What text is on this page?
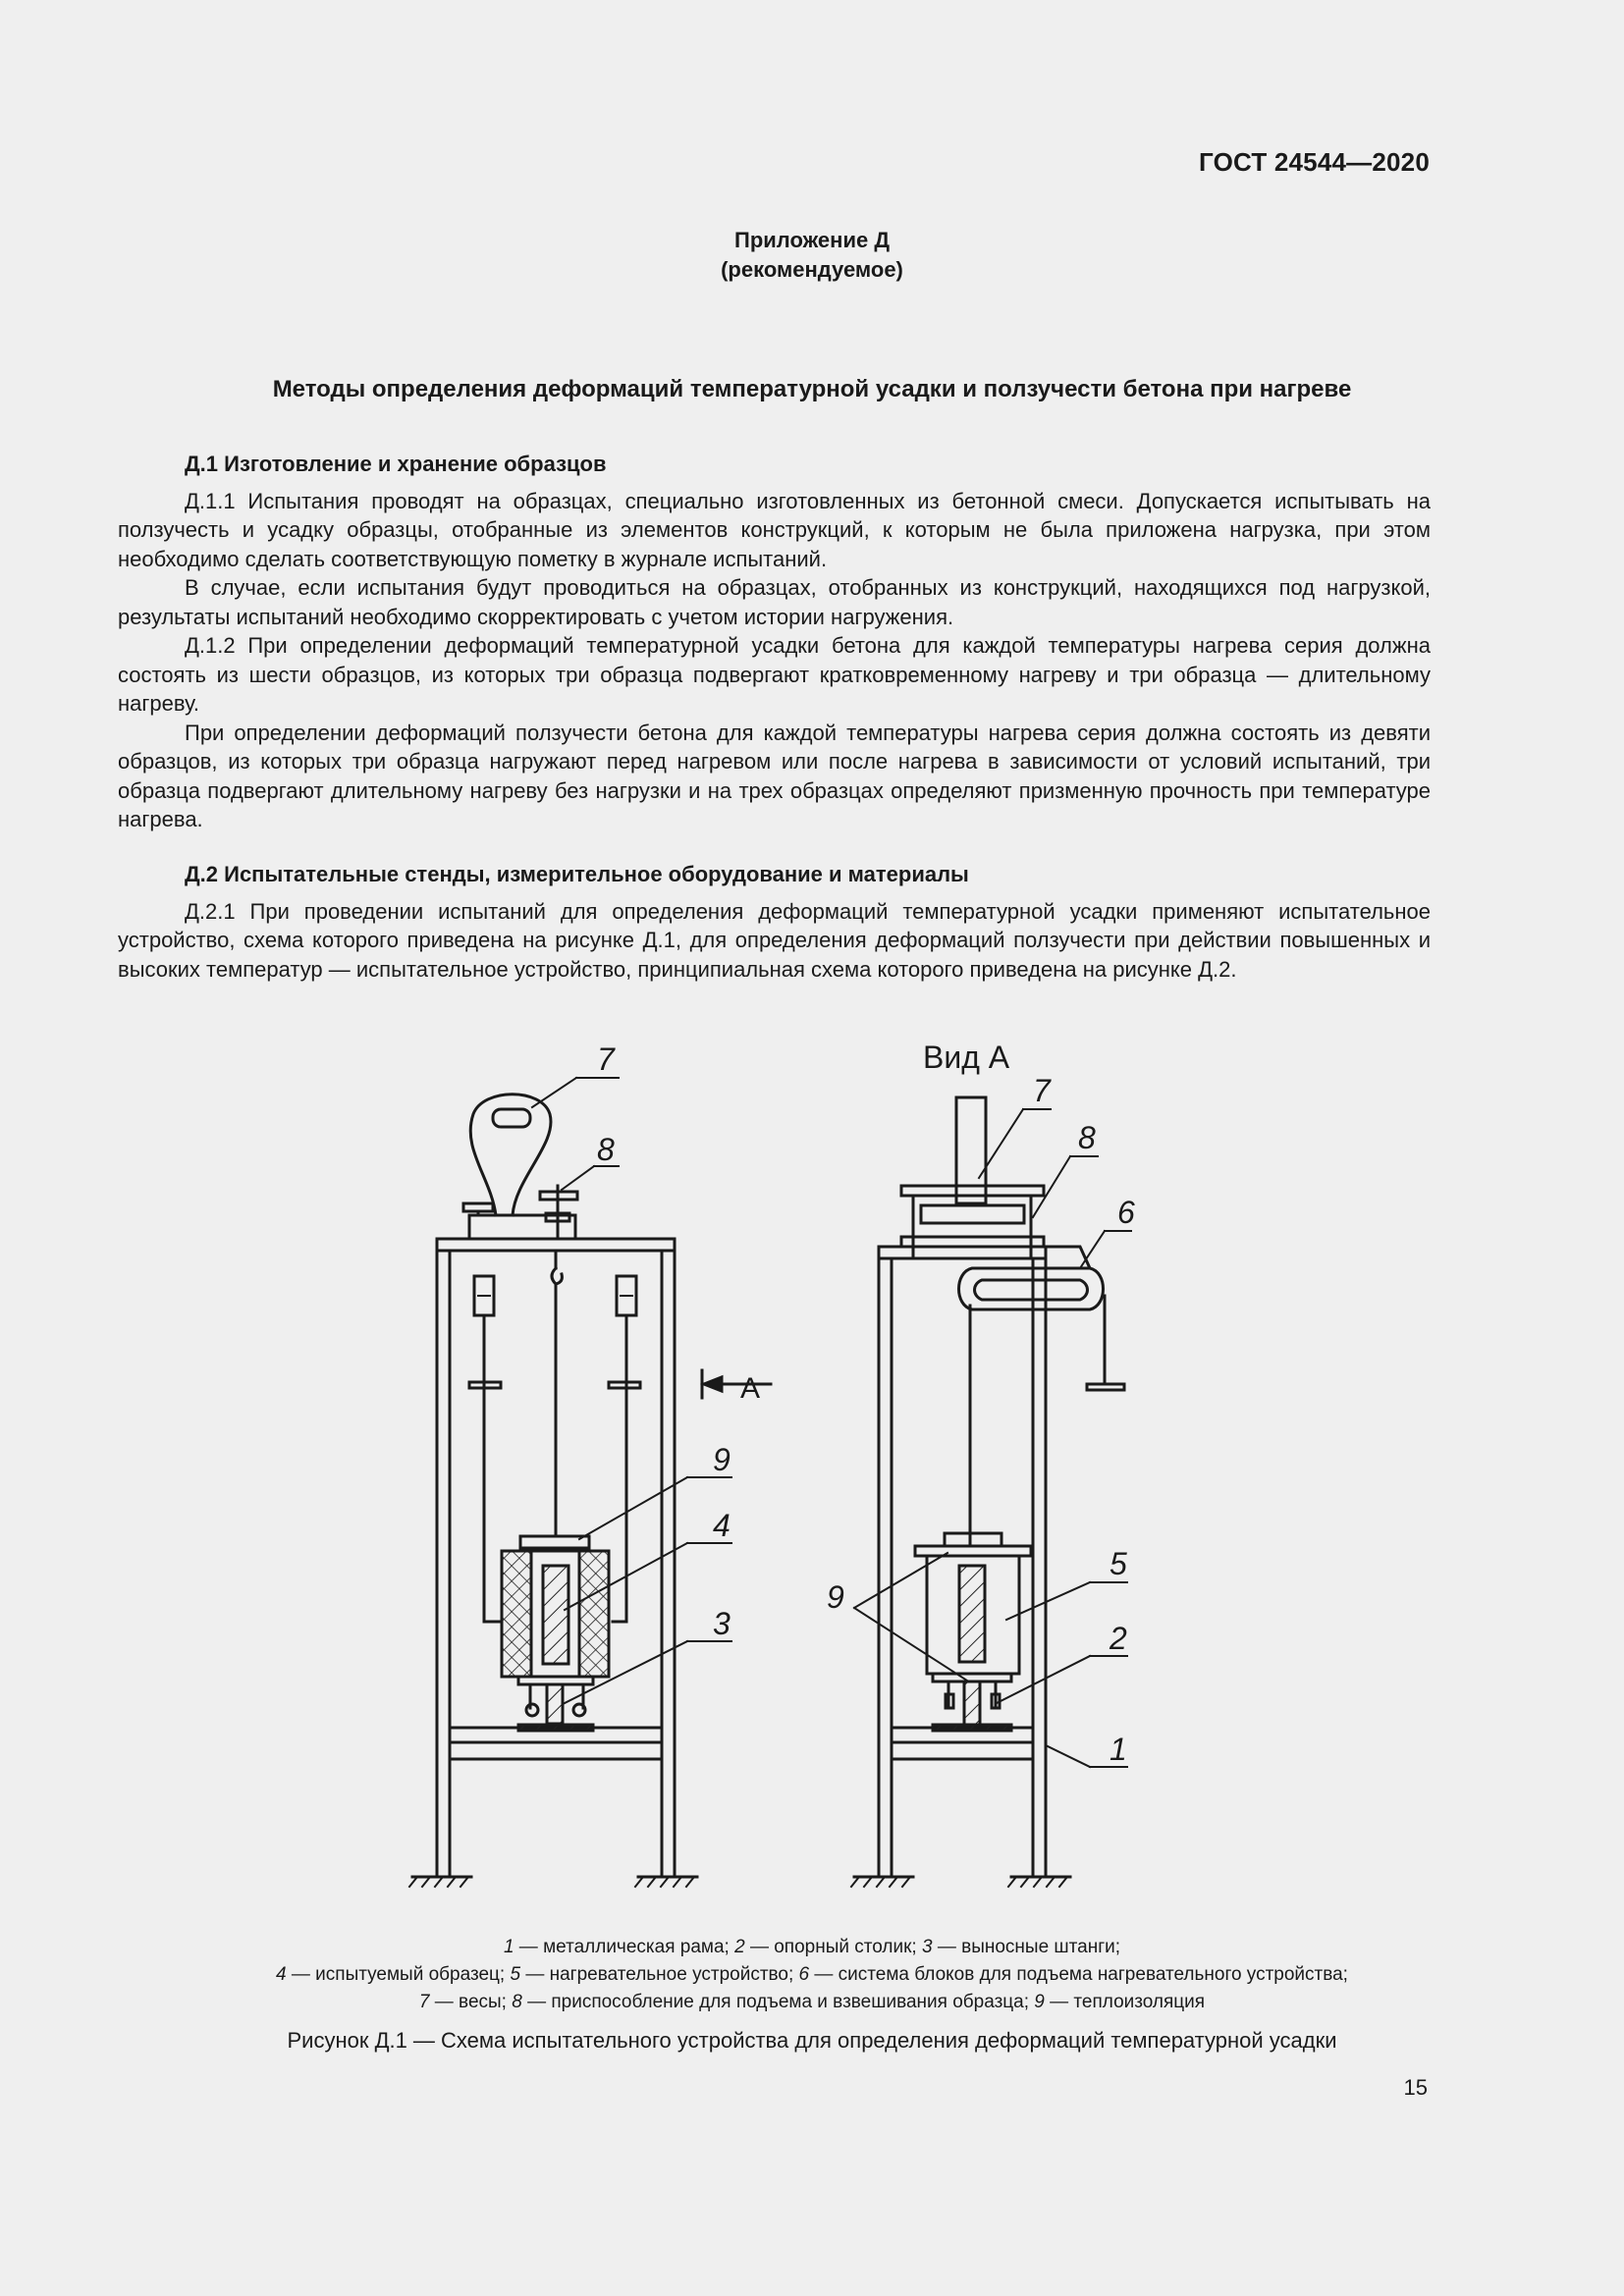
ГОСТ 24544—2020
Приложение Д
(рекомендуемое)
Методы определения деформаций температурной усадки и ползучести бетона при нагреве

Д.1 Изготовление и хранение образцов

Д.1.1 Испытания проводят на образцах, специально изготовленных из бетонной смеси. Допускается испытывать на ползучесть и усадку образцы, отобранные из элементов конструкций, к которым не была приложена нагрузка, при этом необходимо сделать соответствующую пометку в журнале испытаний.

В случае, если испытания будут проводиться на образцах, отобранных из конструкций, находящихся под нагрузкой, результаты испытаний необходимо скорректировать с учетом истории нагружения.

Д.1.2 При определении деформаций температурной усадки бетона для каждой температуры нагрева серия должна состоять из шести образцов, из которых три образца подвергают кратковременному нагреву и три образца — длительному нагреву.

При определении деформаций ползучести бетона для каждой температуры нагрева серия должна состоять из девяти образцов, из которых три образца нагружают перед нагревом или после нагрева в зависимости от условий испытаний, три образца подвергают длительному нагреву без нагрузки и на трех образцах определяют призменную прочность при температуре нагрева.

Д.2 Испытательные стенды, измерительное оборудование и материалы

Д.2.1 При проведении испытаний для определения деформаций температурной усадки применяют испытательное устройство, схема которого приведена на рисунке Д.1, для определения деформаций ползучести при действии повышенных и высоких температур — испытательное устройство, принципиальная схема которого приведена на рисунке Д.2.

7
8
9
4
3
7
8
6
5
9
2
1
Вид А
А
1 — металлическая рама; 2 — опорный столик; 3 — выносные штанги;
4 — испытуемый образец; 5 — нагревательное устройство; 6 — система блоков для подъема нагревательного устройства;
7 — весы; 8 — приспособление для подъема и взвешивания образца; 9 — теплоизоляция
Рисунок Д.1 — Схема испытательного устройства для определения деформаций температурной усадки
15
